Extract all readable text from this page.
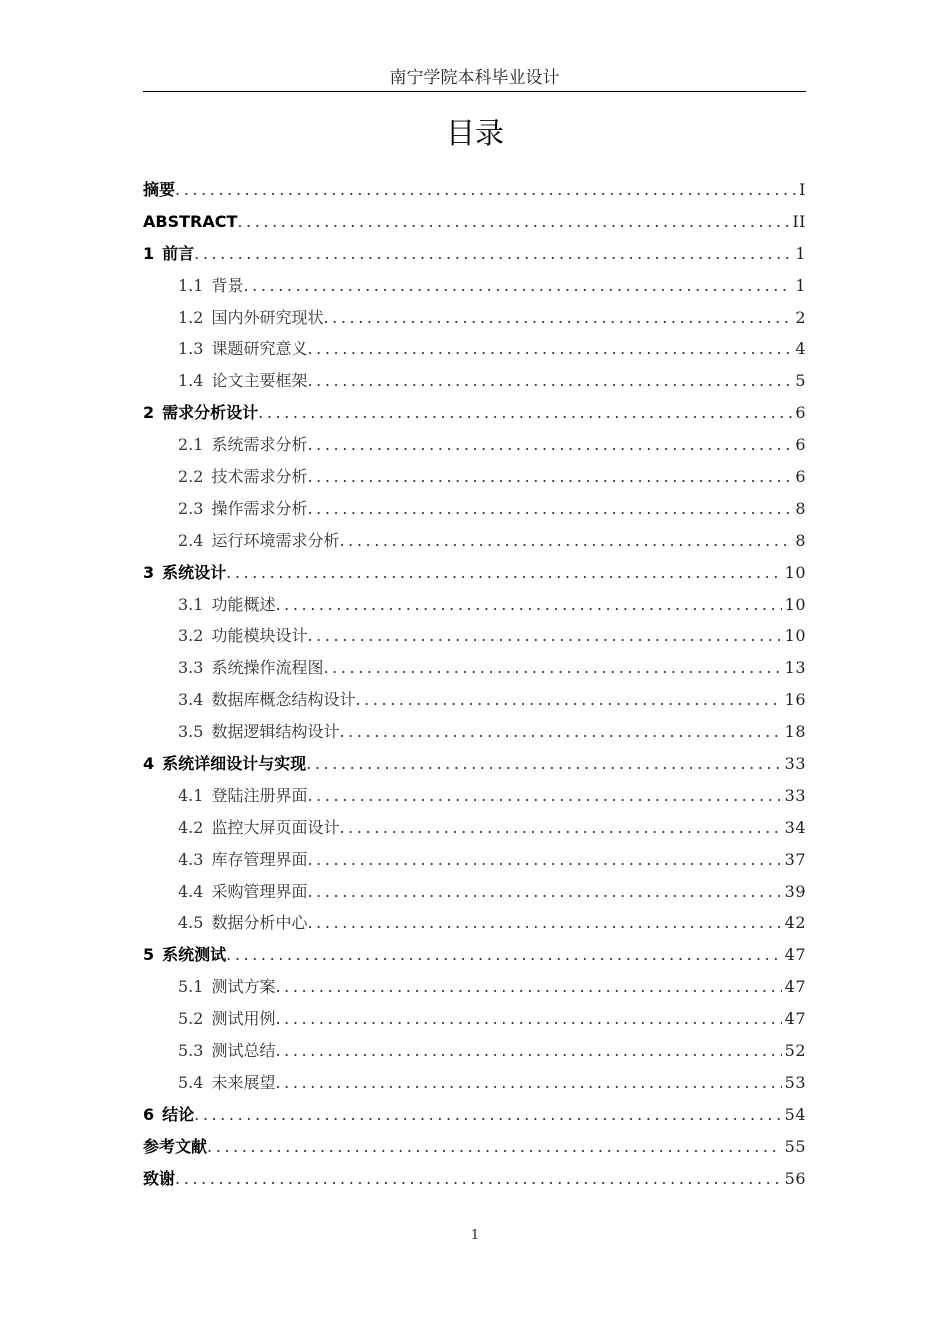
南宁学院本科毕业设计
目录
摘要 .....	I
ABSTRACT .....	II
1 前言 .....	1
1.1 背景 .....	1
1.2 国内外研究现状 .....	2
1.3 课题研究意义 .....	4
1.4 论文主要框架 .....	5
2 需求分析设计 .....	6
2.1 系统需求分析 .....	6
2.2 技术需求分析 .....	6
2.3 操作需求分析 .....	8
2.4 运行环境需求分析 .....	8
3 系统设计 .....	10
3.1 功能概述 .....	10
3.2 功能模块设计 .....	10
3.3 系统操作流程图 .....	13
3.4 数据库概念结构设计 .....	16
3.5 数据逻辑结构设计 .....	18
4 系统详细设计与实现 .....	33
4.1 登陆注册界面 .....	33
4.2 监控大屏页面设计 .....	34
4.3 库存管理界面 .....	37
4.4 采购管理界面 .....	39
4.5 数据分析中心 .....	42
5 系统测试 .....	47
5.1 测试方案 .....	47
5.2 测试用例 .....	47
5.3 测试总结 .....	52
5.4 未来展望 .....	53
6 结论 .....	54
参考文献 .....	55
致谢 .....	56
1
